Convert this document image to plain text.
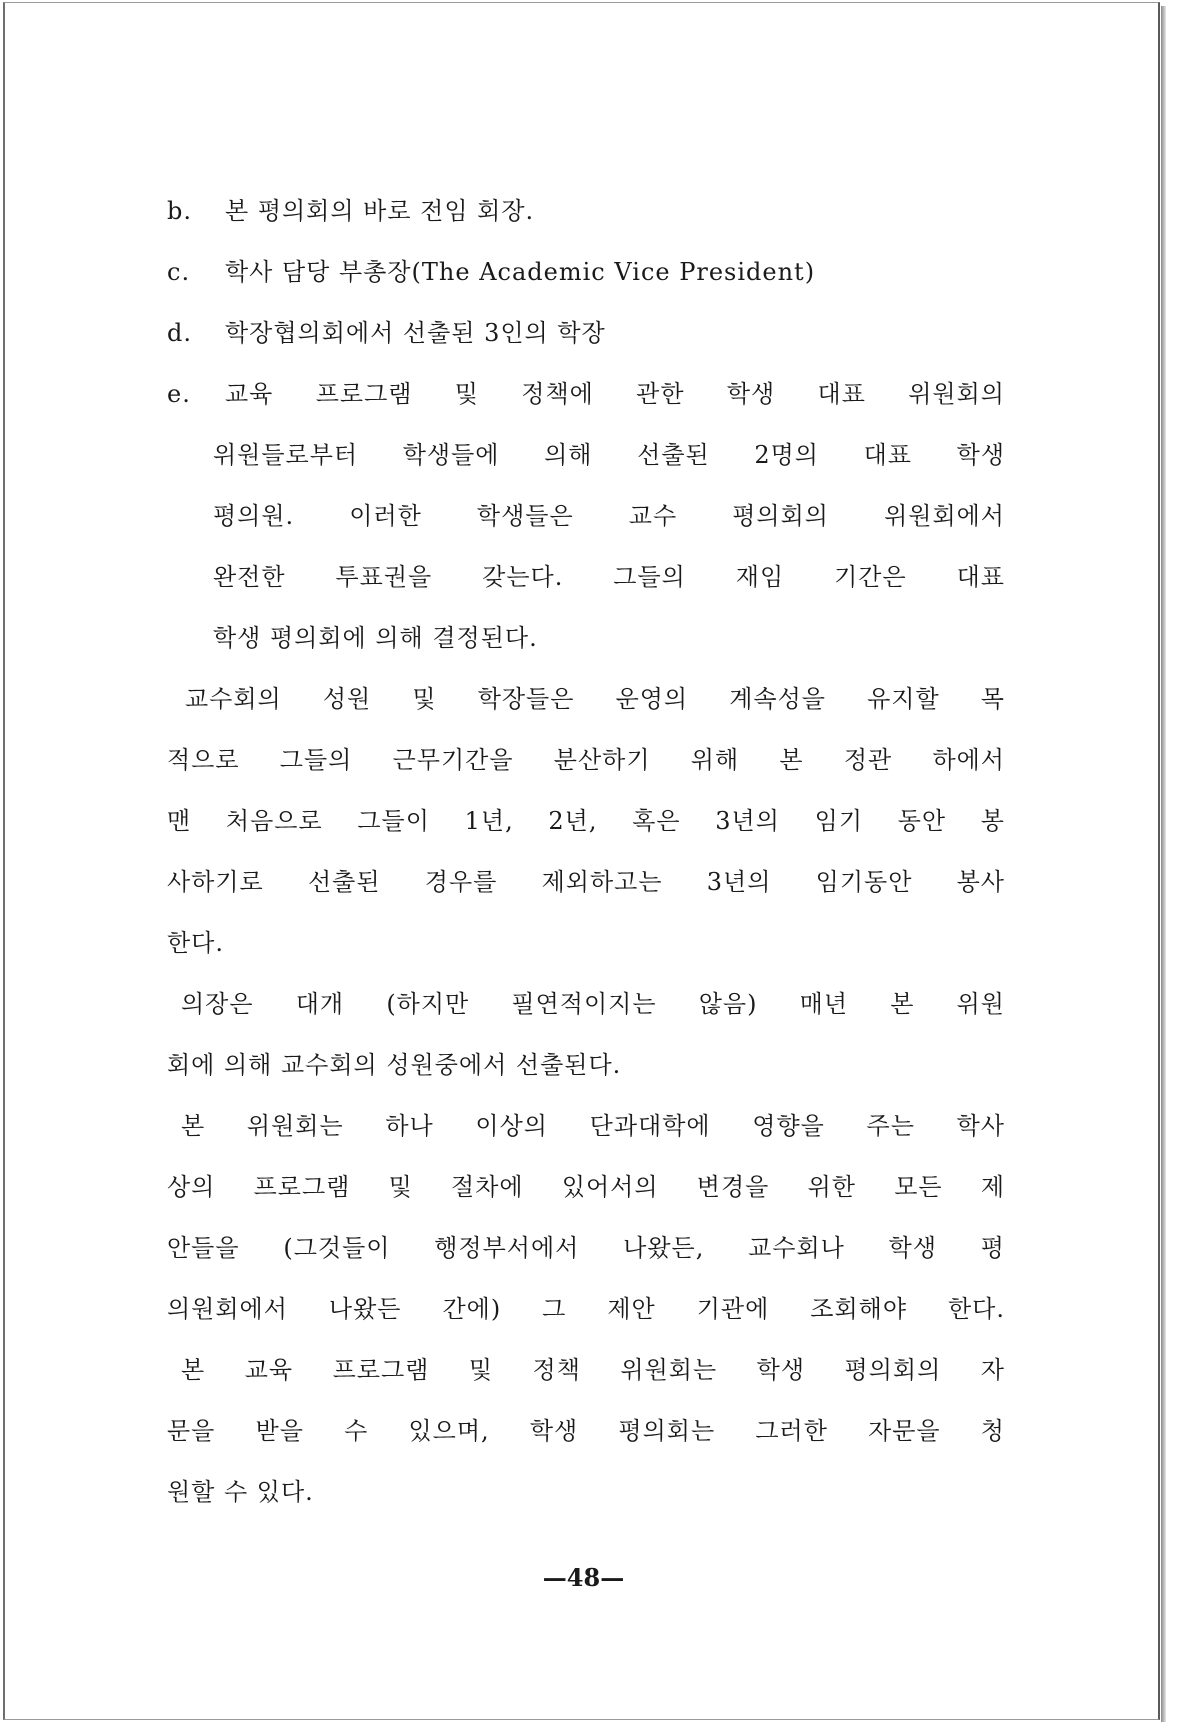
b.	본 평의회의 바로 전임 회장.
c.	학사 담당 부총장(The Academic Vice President)
d.	학장협의회에서 선출된 3인의 학장
e.	교육 프로그램 및 정책에 관한 학생 대표 위원회의
위원들로부터 학생들에 의해 선출된 2명의 대표 학생
평의원. 이러한 학생들은 교수 평의회의 위원회에서
완전한 투표권을 갖는다. 그들의 재임 기간은 대표
학생 평의회에 의해 결정된다.
교수회의 성원 및 학장들은 운영의 계속성을 유지할 목
적으로 그들의 근무기간을 분산하기 위해 본 정관 하에서
맨 처음으로 그들이 1년, 2년, 혹은 3년의 임기 동안 봉
사하기로 선출된 경우를 제외하고는 3년의 임기동안 봉사
한다.
의장은 대개 (하지만 필연적이지는 않음) 매년 본 위원
회에 의해 교수회의 성원중에서 선출된다.
본 위원회는 하나 이상의 단과대학에 영향을 주는 학사
상의 프로그램 및 절차에 있어서의 변경을 위한 모든 제
안들을 (그것들이 행정부서에서 나왔든, 교수회나 학생 평
의원회에서 나왔든 간에) 그 제안 기관에 조회해야 한다.
본 교육 프로그램 및 정책 위원회는 학생 평의회의 자
문을 받을 수 있으며, 학생 평의회는 그러한 자문을 청
원할 수 있다.
—48—
